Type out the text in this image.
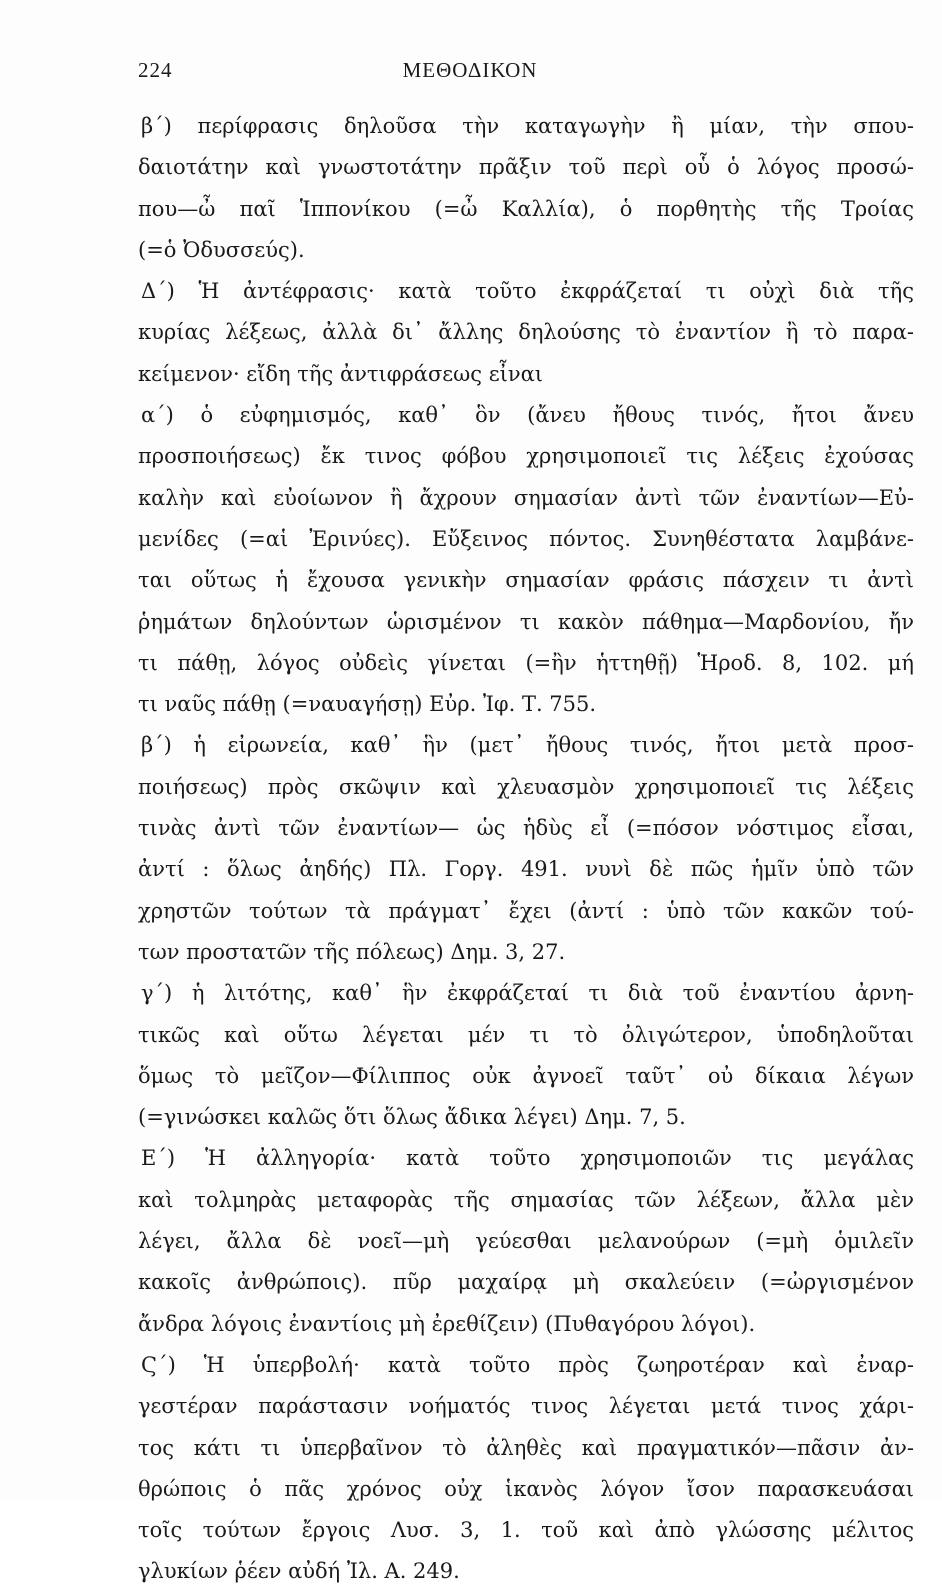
224	ΜΕΘΟΔΙΚΟΝ
β΄) περίφρασις δηλοῦσα τὴν καταγωγὴν ἢ μίαν, τὴν σπου-
δαιοτάτην καὶ γνωστοτάτην πρᾶξιν τοῦ περὶ οὗ ὁ λόγος προσώ-
που—ὦ παῖ Ἱππονίκου (=ὦ Καλλία), ὁ πορθητὴς τῆς Τροίας
(=ὁ Ὀδυσσεύς).
Δ΄) Ἡ ἀντέφρασις· κατὰ τοῦτο ἐκφράζεταί τι οὐχὶ διὰ τῆς
κυρίας λέξεως, ἀλλὰ δι᾽ ἄλλης δηλούσης τὸ ἐναντίον ἢ τὸ παρα-
κείμενον· εἴδη τῆς ἀντιφράσεως εἶναι
α΄) ὁ εὐφημισμός, καθ᾽ ὃν (ἄνευ ἤθους τινός, ἤτοι ἄνευ
προσποιήσεως) ἔκ τινος φόβου χρησιμοποιεῖ τις λέξεις ἐχούσας
καλὴν καὶ εὐοίωνον ἢ ἄχρουν σημασίαν ἀντὶ τῶν ἐναντίων—Εὐ-
μενίδες (=αἱ Ἐρινύες). Εὔξεινος πόντος. Συνηθέστατα λαμβάνε-
ται οὕτως ἡ ἔχουσα γενικὴν σημασίαν φράσις πάσχειν τι ἀντὶ
ῥημάτων δηλούντων ὡρισμένον τι κακὸν πάθημα—Μαρδονίου, ἤν
τι πάθῃ, λόγος οὐδεὶς γίνεται (=ἢν ἡττηθῇ) Ἡροδ. 8, 102. μή
τι ναῦς πάθῃ (=ναυαγήσῃ) Εὐρ. Ἰφ. Τ. 755.
β΄) ἡ εἰρωνεία, καθ᾽ ἣν (μετ᾽ ἤθους τινός, ἤτοι μετὰ προσ-
ποιήσεως) πρὸς σκῶψιν καὶ χλευασμὸν χρησιμοποιεῖ τις λέξεις
τινὰς ἀντὶ τῶν ἐναντίων— ὡς ἡδὺς εἶ (=πόσον νόστιμος εἶσαι,
ἀντί : ὅλως ἀηδής) Πλ. Γοργ. 491. νυνὶ δὲ πῶς ἡμῖν ὑπὸ τῶν
χρηστῶν τούτων τὰ πράγματ᾽ ἔχει (ἀντί : ὑπὸ τῶν κακῶν τού-
των προστατῶν τῆς πόλεως) Δημ. 3, 27.
γ΄) ἡ λιτότης, καθ᾽ ἣν ἐκφράζεταί τι διὰ τοῦ ἐναντίου ἀρνη-
τικῶς καὶ οὕτω λέγεται μέν τι τὸ ὀλιγώτερον, ὑποδηλοῦται
ὅμως τὸ μεῖζον—Φίλιππος οὐκ ἀγνοεῖ ταῦτ᾽ οὐ δίκαια λέγων
(=γινώσκει καλῶς ὅτι ὅλως ἄδικα λέγει) Δημ. 7, 5.
Ε΄) Ἡ ἀλληγορία· κατὰ τοῦτο χρησιμοποιῶν τις μεγάλας
καὶ τολμηρὰς μεταφορὰς τῆς σημασίας τῶν λέξεων, ἄλλα μὲν
λέγει, ἄλλα δὲ νοεῖ—μὴ γεύεσθαι μελανούρων (=μὴ ὁμιλεῖν
κακοῖς ἀνθρώποις). πῦρ μαχαίρᾳ μὴ σκαλεύειν (=ὠργισμένον
ἄνδρα λόγοις ἐναντίοις μὴ ἐρεθίζειν) (Πυθαγόρου λόγοι).
Ϛ΄) Ἡ ὑπερβολή· κατὰ τοῦτο πρὸς ζωηροτέραν καὶ ἐναρ-
γεστέραν παράστασιν νοήματός τινος λέγεται μετά τινος χάρι-
τος κάτι τι ὑπερβαῖνον τὸ ἀληθὲς καὶ πραγματικόν—πᾶσιν ἀν-
θρώποις ὁ πᾶς χρόνος οὐχ ἱκανὸς λόγον ἴσον παρασκευάσαι
τοῖς τούτων ἔργοις Λυσ. 3, 1. τοῦ καὶ ἀπὸ γλώσσης μέλιτος
γλυκίων ῥέεν αὐδή Ἰλ. Α. 249.
